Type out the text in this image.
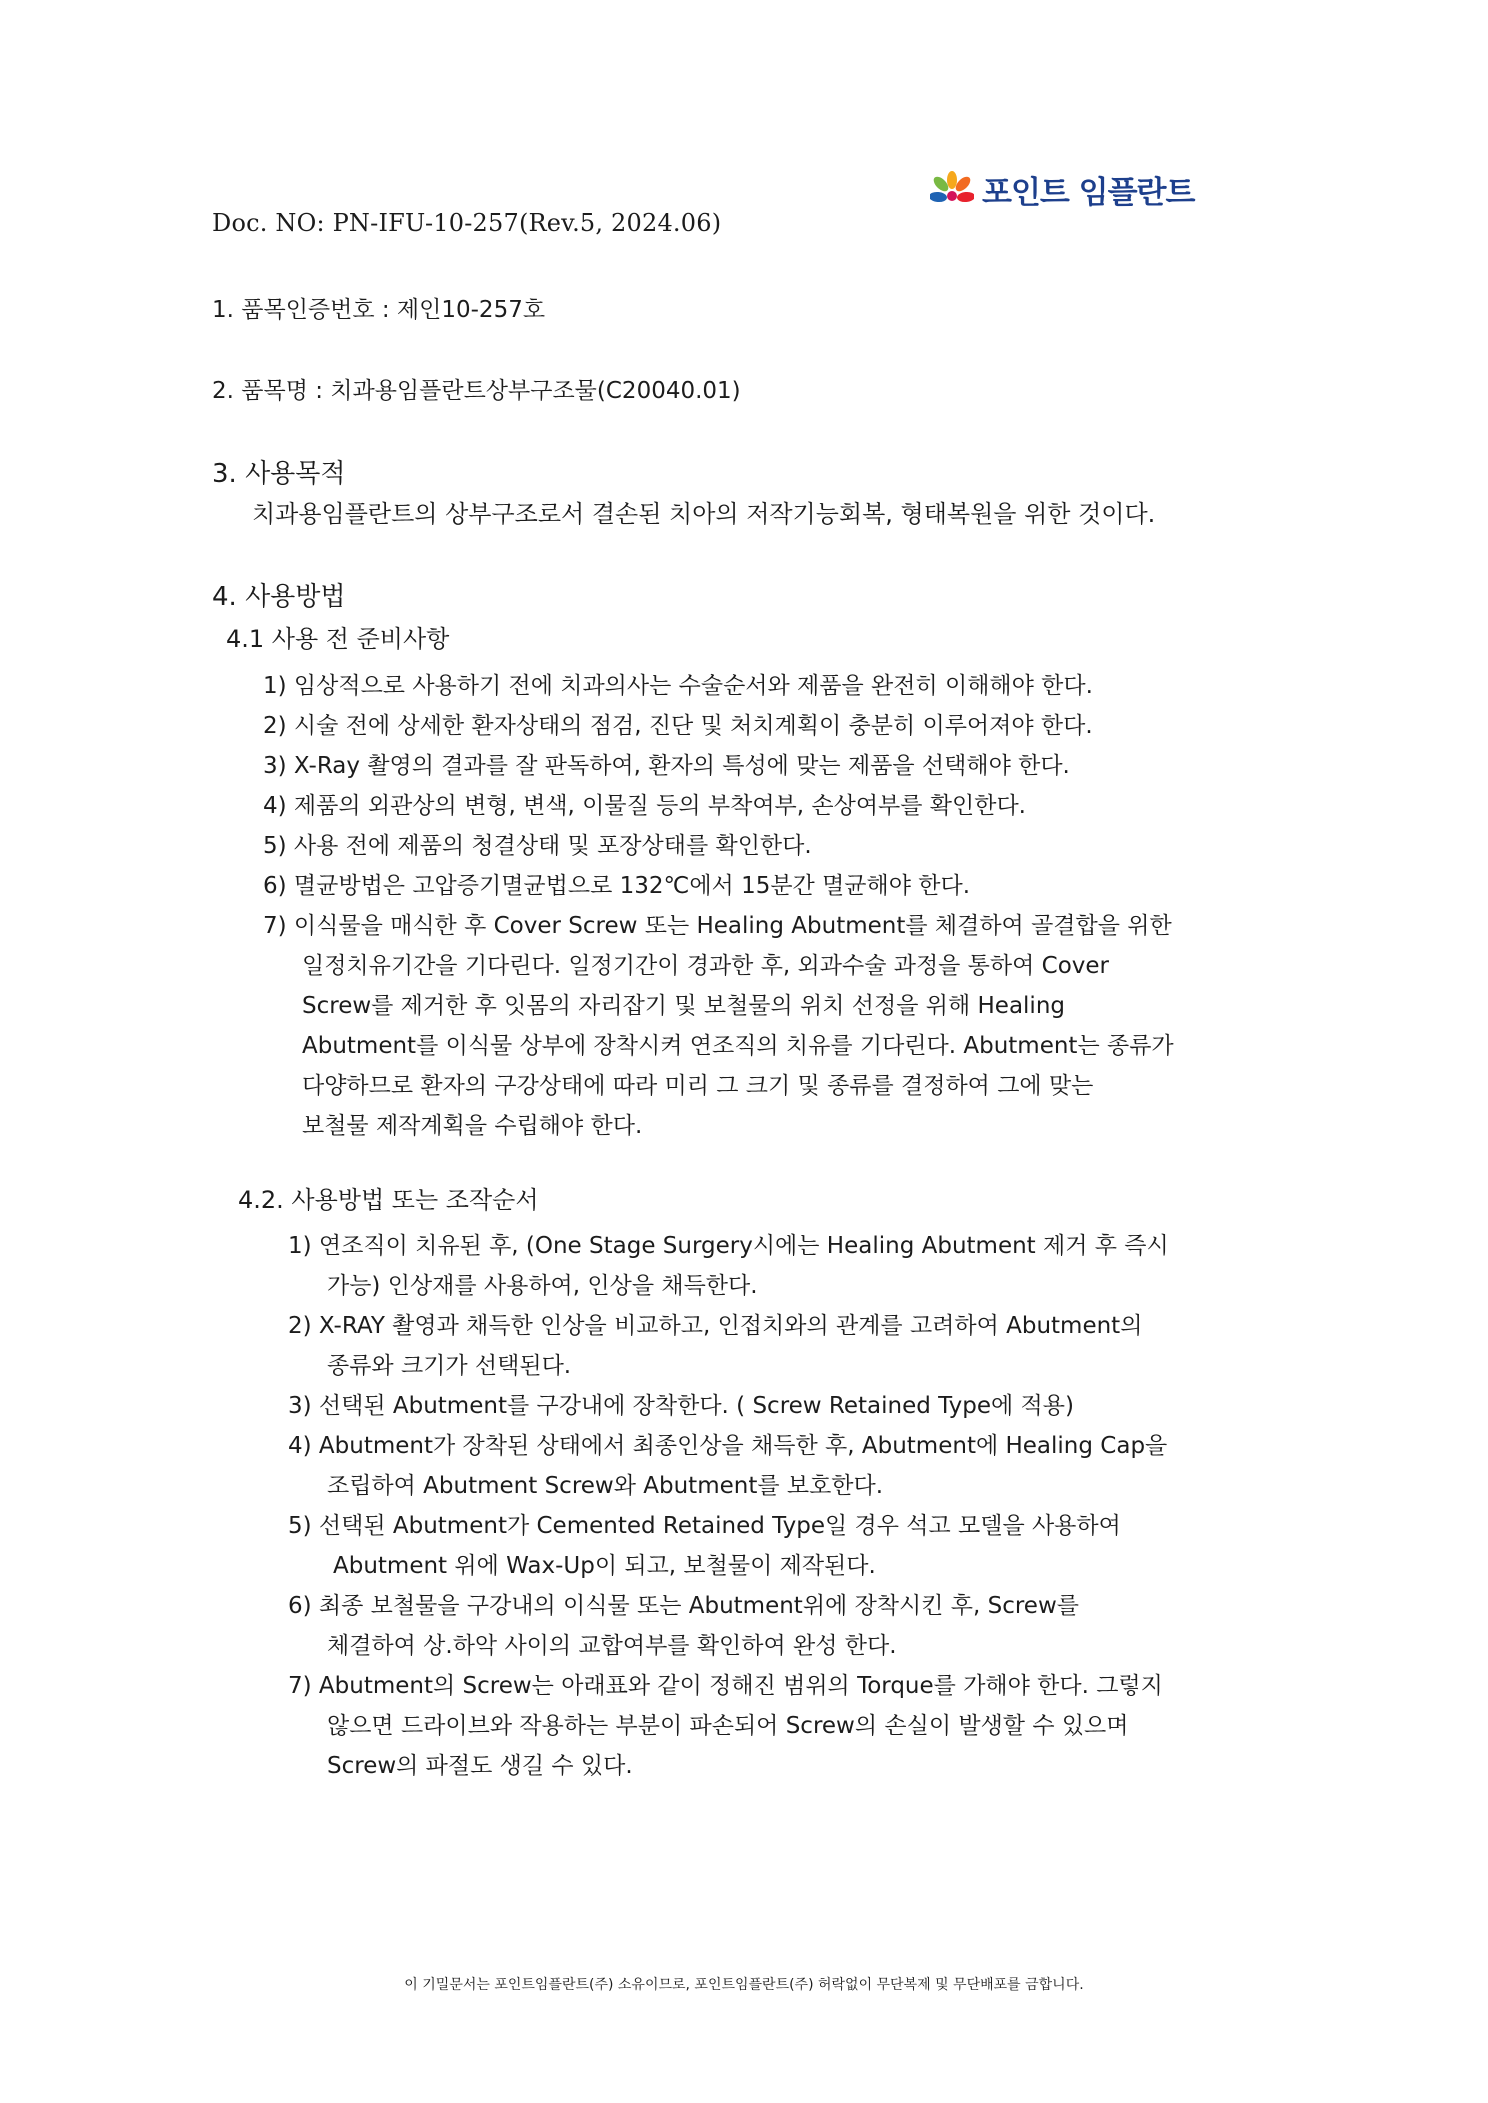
포인트 임플란트
Doc. NO: PN-IFU-10-257(Rev.5, 2024.06)
1. 품목인증번호 : 제인10-257호
2. 품목명 : 치과용임플란트상부구조물(C20040.01)
3. 사용목적
치과용임플란트의 상부구조로서 결손된 치아의 저작기능회복, 형태복원을 위한 것이다.
4. 사용방법
4.1 사용 전 준비사항
1) 임상적으로 사용하기 전에 치과의사는 수술순서와 제품을 완전히 이해해야 한다.
2) 시술 전에 상세한 환자상태의 점검, 진단 및 처치계획이 충분히 이루어져야 한다.
3) X-Ray 촬영의 결과를 잘 판독하여, 환자의 특성에 맞는 제품을 선택해야 한다.
4) 제품의 외관상의 변형, 변색, 이물질 등의 부착여부, 손상여부를 확인한다.
5) 사용 전에 제품의 청결상태 및 포장상태를 확인한다.
6) 멸균방법은 고압증기멸균법으로 132℃에서 15분간 멸균해야 한다.
7) 이식물을 매식한 후 Cover Screw 또는 Healing Abutment를 체결하여 골결합을 위한
일정치유기간을 기다린다. 일정기간이 경과한 후, 외과수술 과정을 통하여 Cover
Screw를 제거한 후 잇몸의 자리잡기 및 보철물의 위치 선정을 위해 Healing
Abutment를 이식물 상부에 장착시켜 연조직의 치유를 기다린다. Abutment는 종류가
다양하므로 환자의 구강상태에 따라 미리 그 크기 및 종류를 결정하여 그에 맞는
보철물 제작계획을 수립해야 한다.
4.2. 사용방법 또는 조작순서
1) 연조직이 치유된 후, (One Stage Surgery시에는 Healing Abutment 제거 후 즉시
가능) 인상재를 사용하여, 인상을 채득한다.
2) X-RAY 촬영과 채득한 인상을 비교하고, 인접치와의 관계를 고려하여 Abutment의
종류와 크기가 선택된다.
3) 선택된 Abutment를 구강내에 장착한다. ( Screw Retained Type에 적용)
4) Abutment가 장착된 상태에서 최종인상을 채득한 후, Abutment에 Healing Cap을
조립하여 Abutment Screw와 Abutment를 보호한다.
5) 선택된 Abutment가 Cemented Retained Type일 경우 석고 모델을 사용하여
Abutment 위에 Wax-Up이 되고, 보철물이 제작된다.
6) 최종 보철물을 구강내의 이식물 또는 Abutment위에 장착시킨 후, Screw를
체결하여 상.하악 사이의 교합여부를 확인하여 완성 한다.
7) Abutment의 Screw는 아래표와 같이 정해진 범위의 Torque를 가해야 한다. 그렇지
않으면 드라이브와 작용하는 부분이 파손되어 Screw의 손실이 발생할 수 있으며
Screw의 파절도 생길 수 있다.
이 기밀문서는 포인트임플란트(주) 소유이므로, 포인트임플란트(주) 허락없이 무단복제 및 무단배포를 금합니다.
